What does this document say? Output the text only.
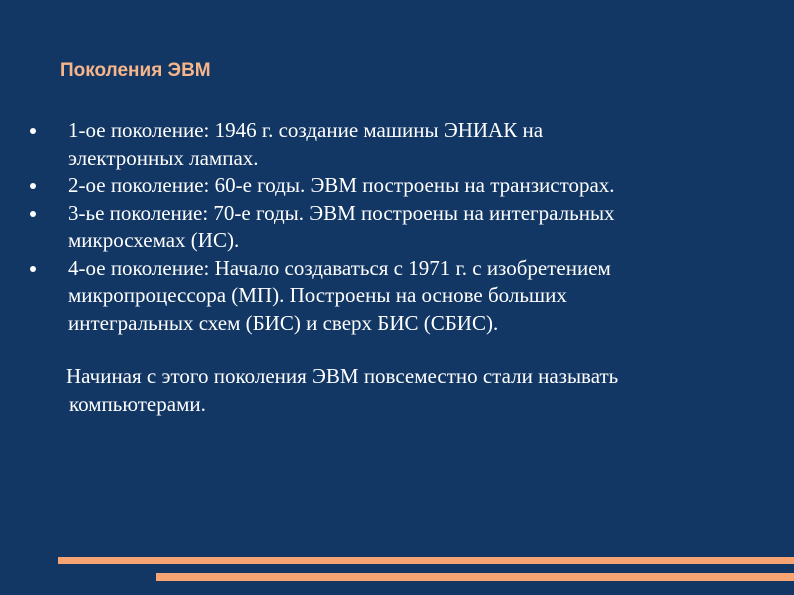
Поколения ЭВМ
1-ое поколение: 1946 г. создание машины ЭНИАК на
электронных лампах.
2-ое поколение: 60-е годы. ЭВМ построены на транзисторах.
3-ье поколение: 70-е годы. ЭВМ построены на интегральных
микросхемах (ИС).
4-ое поколение: Начало создаваться с 1971 г. с изобретением
микропроцессора (МП). Построены на основе больших
интегральных схем (БИС) и сверх БИС (СБИС).

Начиная с этого поколения ЭВМ повсеместно стали называть
компьютерами.
